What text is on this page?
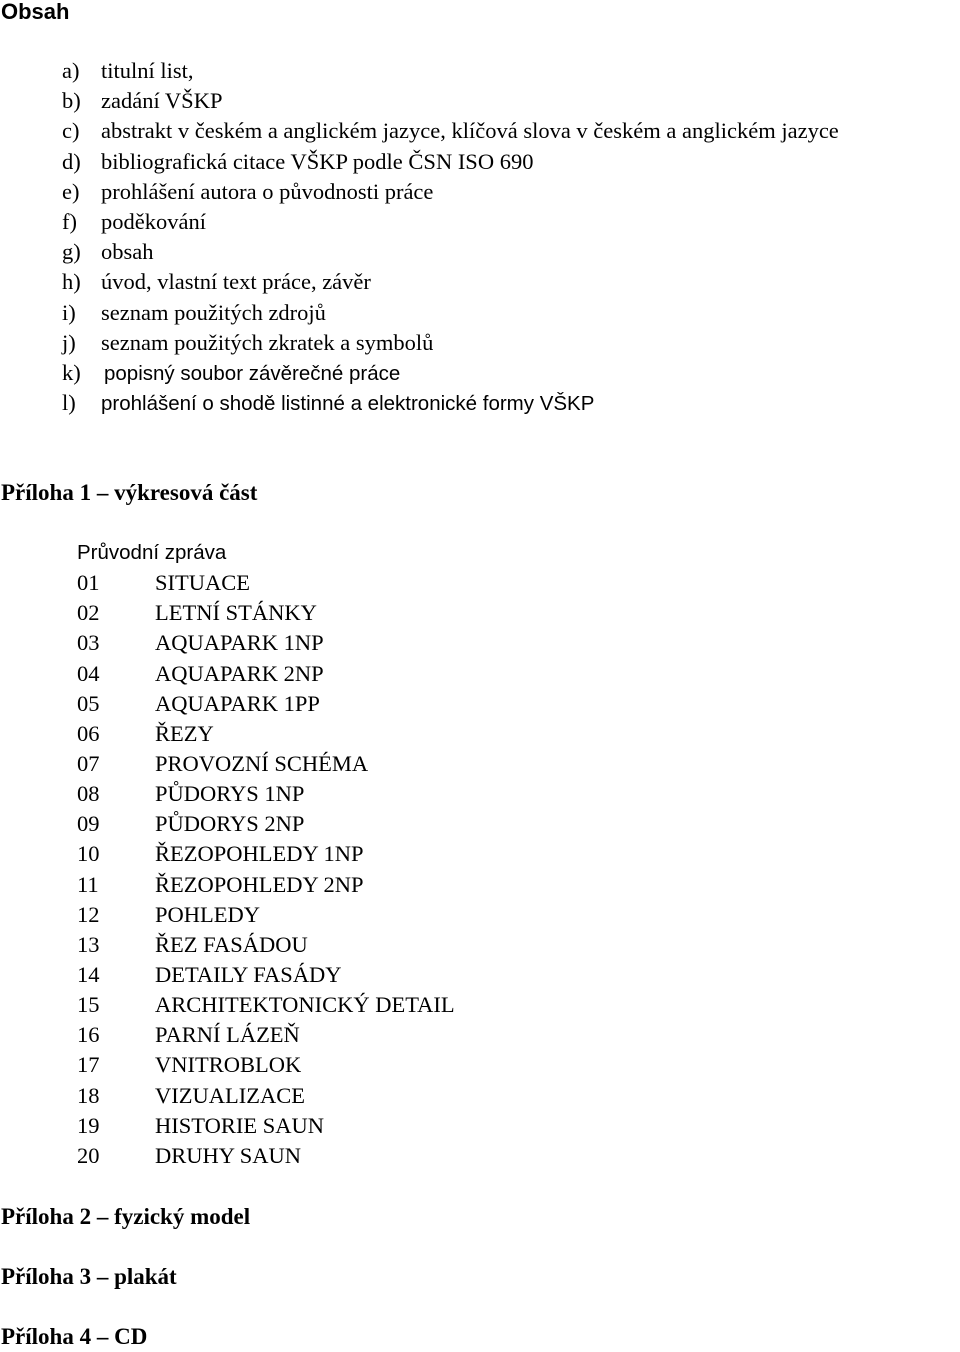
Obsah
a) titulní list,
b) zadání VŠKP
c) abstrakt v českém a anglickém jazyce, klíčová slova v českém a anglickém jazyce
d) bibliografická citace VŠKP podle ČSN ISO 690
e) prohlášení autora o původnosti práce
f) poděkování
g) obsah
h) úvod, vlastní text práce, závěr
i) seznam použitých zdrojů
j) seznam použitých zkratek a symbolů
k) popisný soubor závěrečné práce
l) prohlášení o shodě listinné a elektronické formy VŠKP
Příloha 1 – výkresová část
Průvodní zpráva
01 SITUACE
02 LETNÍ STÁNKY
03 AQUAPARK 1NP
04 AQUAPARK 2NP
05 AQUAPARK 1PP
06 ŘEZY
07 PROVOZNÍ SCHÉMA
08 PŮDORYS 1NP
09 PŮDORYS 2NP
10 ŘEZOPOHLEDY 1NP
11	ŘEZOPOHLEDY 2NP
12 POHLEDY
13 ŘEZ FASÁDOU
14 DETAILY FASÁDY
15 ARCHITEKTONICKÝ DETAIL
16 PARNÍ LÁZEŇ
17 VNITROBLOK
18 VIZUALIZACE
19 HISTORIE SAUN
20 DRUHY SAUN
Příloha 2 – fyzický model
Příloha 3 – plakát
Příloha 4 – CD
